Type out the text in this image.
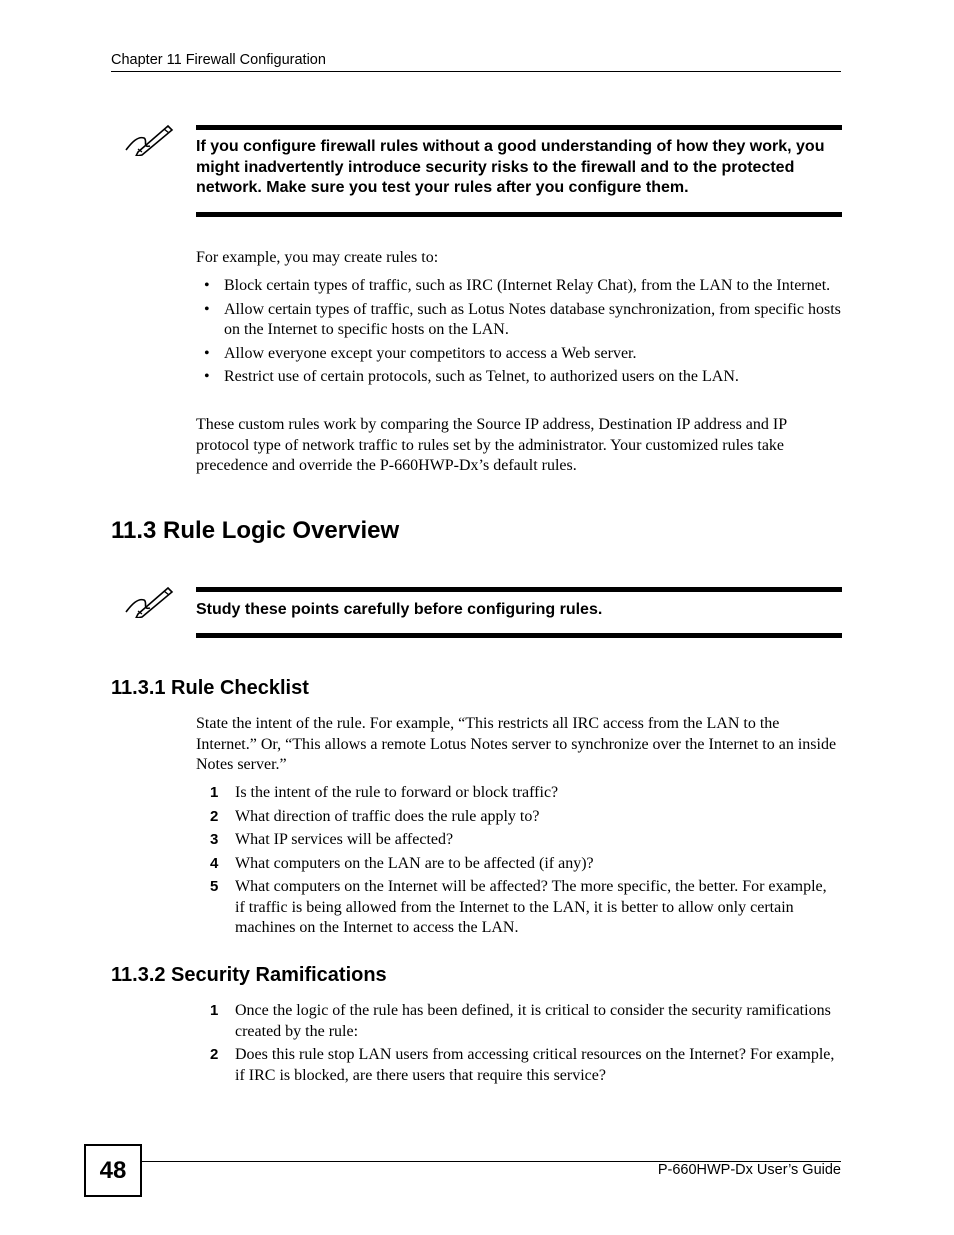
Chapter 11 Firewall Configuration
If you configure firewall rules without a good understanding of how they work, you might inadvertently introduce security risks to the firewall and to the protected network. Make sure you test your rules after you configure them.
For example, you may create rules to:
• Block certain types of traffic, such as IRC (Internet Relay Chat), from the LAN to the Internet.
• Allow certain types of traffic, such as Lotus Notes database synchronization, from specific hosts on the Internet to specific hosts on the LAN.
• Allow everyone except your competitors to access a Web server.
• Restrict use of certain protocols, such as Telnet, to authorized users on the LAN.
These custom rules work by comparing the Source IP address, Destination IP address and IP protocol type of network traffic to rules set by the administrator. Your customized rules take precedence and override the P-660HWP-Dx’s default rules.
11.3 Rule Logic Overview
Study these points carefully before configuring rules.
11.3.1 Rule Checklist
State the intent of the rule. For example, “This restricts all IRC access from the LAN to the Internet.” Or, “This allows a remote Lotus Notes server to synchronize over the Internet to an inside Notes server.”
1 Is the intent of the rule to forward or block traffic?
2 What direction of traffic does the rule apply to?
3 What IP services will be affected?
4 What computers on the LAN are to be affected (if any)?
5 What computers on the Internet will be affected? The more specific, the better. For example, if traffic is being allowed from the Internet to the LAN, it is better to allow only certain machines on the Internet to access the LAN.
11.3.2 Security Ramifications
1 Once the logic of the rule has been defined, it is critical to consider the security ramifications created by the rule:
2 Does this rule stop LAN users from accessing critical resources on the Internet? For example, if IRC is blocked, are there users that require this service?
48	P-660HWP-Dx User’s Guide
